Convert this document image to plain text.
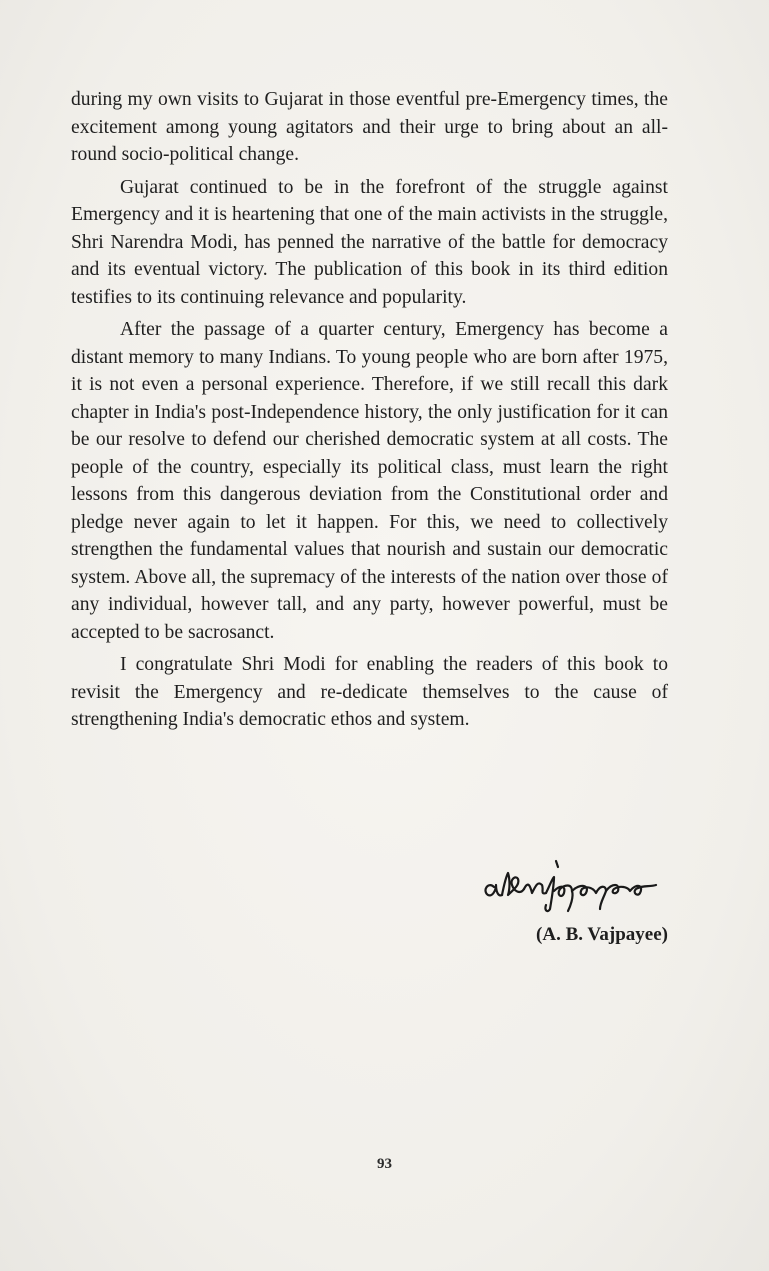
during my own visits to Gujarat in those eventful pre-Emergency times, the excitement among young agitators and their urge to bring about an all-round socio-political change.

Gujarat continued to be in the forefront of the struggle against Emergency and it is heartening that one of the main activists in the struggle, Shri Narendra Modi, has penned the narrative of the battle for democracy and its eventual victory. The publication of this book in its third edition testifies to its continuing relevance and popularity.

After the passage of a quarter century, Emergency has become a distant memory to many Indians. To young people who are born after 1975, it is not even a personal experience. Therefore, if we still recall this dark chapter in India's post-Independence history, the only justification for it can be our resolve to defend our cherished democratic system at all costs. The people of the country, especially its political class, must learn the right lessons from this dangerous deviation from the Constitutional order and pledge never again to let it happen. For this, we need to collectively strengthen the fundamental values that nourish and sustain our democratic system. Above all, the supremacy of the interests of the nation over those of any individual, however tall, and any party, however powerful, must be accepted to be sacrosanct.

I congratulate Shri Modi for enabling the readers of this book to revisit the Emergency and re-dedicate themselves to the cause of strengthening India's democratic ethos and system.

(A. B. Vajpayee)
93
